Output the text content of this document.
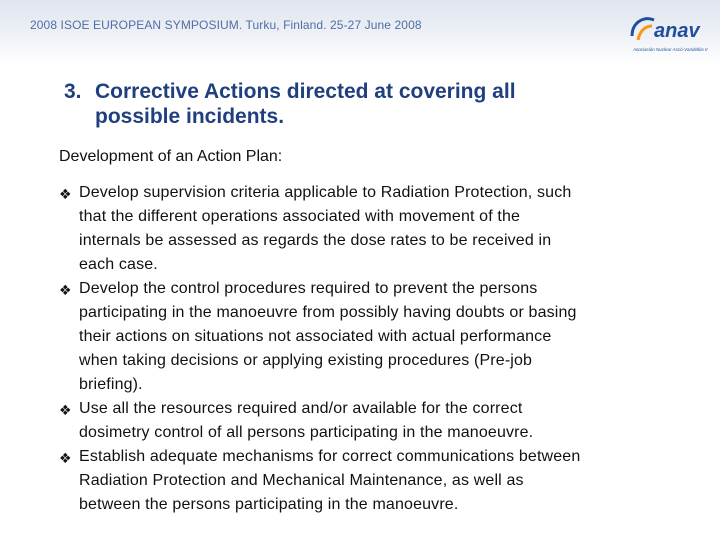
2008 ISOE EUROPEAN SYMPOSIUM. Turku, Finland. 25-27 June 2008	anav
Asociación Nuclear Ascó-Vandellós II
3. Corrective Actions directed at covering all
possible incidents.
Development of an Action Plan:
❖ Develop supervision criteria applicable to Radiation Protection, such
that the different operations associated with movement of the
internals be assessed as regards the dose rates to be received in
each case.
❖ Develop the control procedures required to prevent the persons
participating in the manoeuvre from possibly having doubts or basing
their actions on situations not associated with actual performance
when taking decisions or applying existing procedures (Pre-job
briefing).
❖ Use all the resources required and/or available for the correct
dosimetry control of all persons participating in the manoeuvre.
❖ Establish adequate mechanisms for correct communications between
Radiation Protection and Mechanical Maintenance, as well as
between the persons participating in the manoeuvre.
